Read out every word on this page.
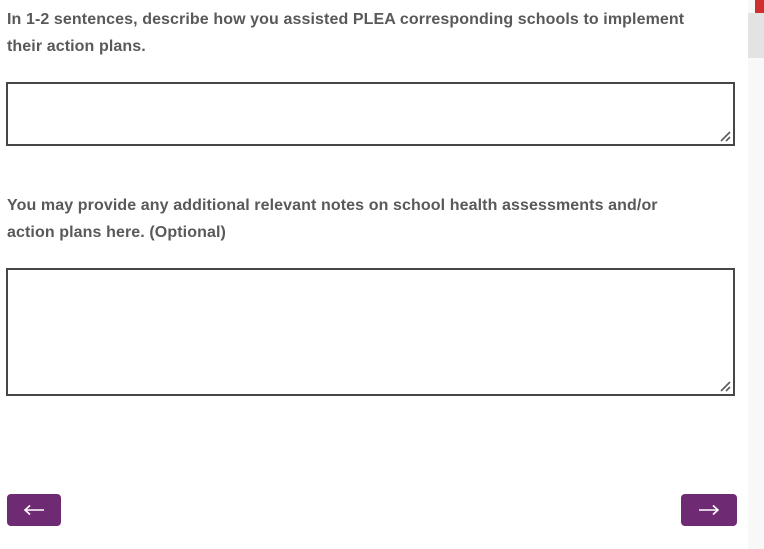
In 1-2 sentences, describe how you assisted PLEA corresponding schools to implement their action plans.

You may provide any additional relevant notes on school health assessments and/or action plans here. (Optional)
